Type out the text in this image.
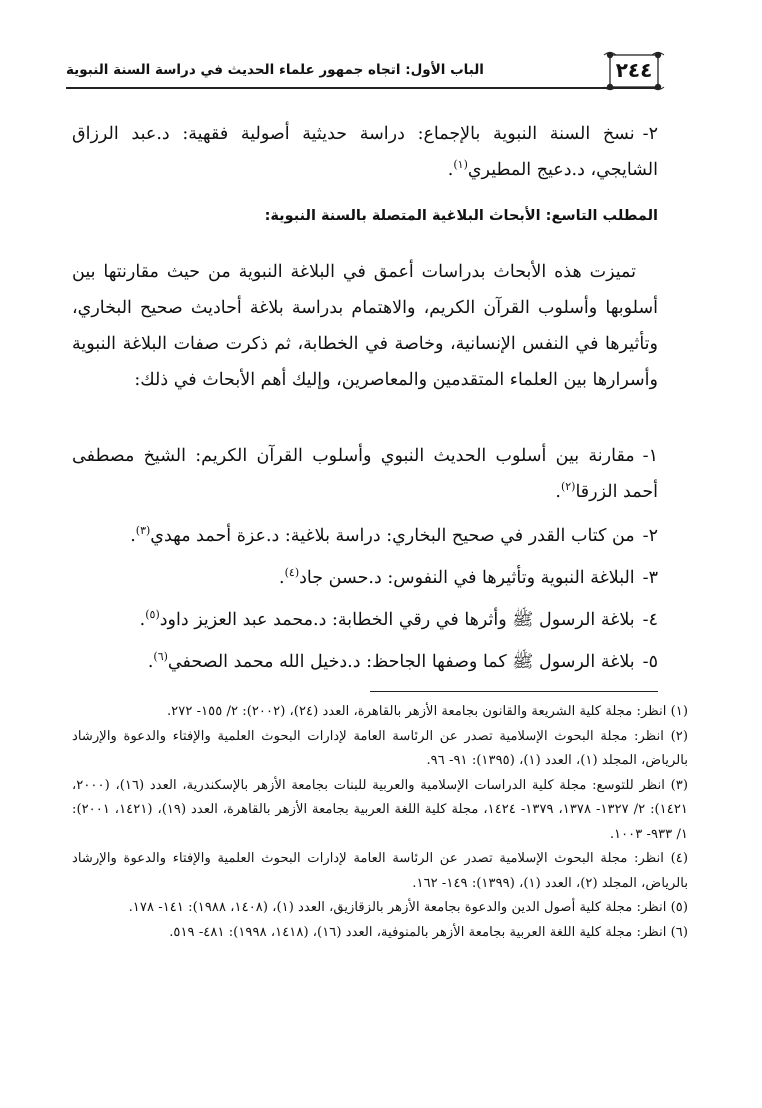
٢٤٤
الباب الأول: اتجاه جمهور علماء الحديث في دراسة السنة النبوية
٢-نسخ السنة النبوية بالإجماع: دراسة حديثية أصولية فقهية: د.عبد الرزاق الشايجي، د.دعيج المطيري$^{(١)}$.
المطلب التاسع: الأبحاث البلاغية المتصلة بالسنة النبوية:
تميزت هذه الأبحاث بدراسات أعمق في البلاغة النبوية من حيث مقارنتها بين أسلوبها وأسلوب القرآن الكريم، والاهتمام بدراسة بلاغة أحاديث صحيح البخاري، وتأثيرها في النفس الإنسانية، وخاصة في الخطابة، ثم ذكرت صفات البلاغة النبوية وأسرارها بين العلماء المتقدمين والمعاصرين، وإليك أهم الأبحاث في ذلك:
١-مقارنة بين أسلوب الحديث النبوي وأسلوب القرآن الكريم: الشيخ مصطفى أحمد الزرقا$^{(٢)}$.
٢-من كتاب القدر في صحيح البخاري: دراسة بلاغية: د.عزة أحمد مهدي$^{(٣)}$.
٣-البلاغة النبوية وتأثيرها في النفوس: د.حسن جاد$^{(٤)}$.
٤-بلاغة الرسول ﷺ وأثرها في رقي الخطابة: د.محمد عبد العزيز داود$^{(٥)}$.
٥-بلاغة الرسول ﷺ كما وصفها الجاحظ: د.دخيل الله محمد الصحفي$^{(٦)}$.

(١) انظر: مجلة كلية الشريعة والقانون بجامعة الأزهر بالقاهرة، العدد (٢٤)، (٢٠٠٢): ٢/ ١٥٥- ٢٧٢.

(٢) انظر: مجلة البحوث الإسلامية تصدر عن الرئاسة العامة لإدارات البحوث العلمية والإفتاء والدعوة والإرشاد بالرياض، المجلد (١)، العدد (١)، (١٣٩٥): ٩١- ٩٦.

(٣) انظر للتوسع: مجلة كلية الدراسات الإسلامية والعربية للبنات بجامعة الأزهر بالإسكندرية، العدد (١٦)، (٢٠٠٠، ١٤٢١): ٢/ ١٣٢٧- ١٣٧٨، ١٣٧٩- ١٤٢٤، مجلة كلية اللغة العربية بجامعة الأزهر بالقاهرة، العدد (١٩)، (١٤٢١، ٢٠٠١): ١/ ٩٣٣- ١٠٠٣.

(٤) انظر: مجلة البحوث الإسلامية تصدر عن الرئاسة العامة لإدارات البحوث العلمية والإفتاء والدعوة والإرشاد بالرياض، المجلد (٢)، العدد (١)، (١٣٩٩): ١٤٩- ١٦٢.

(٥) انظر: مجلة كلية أصول الدين والدعوة بجامعة الأزهر بالزقازيق، العدد (١)، (١٤٠٨، ١٩٨٨): ١٤١- ١٧٨.

(٦) انظر: مجلة كلية اللغة العربية بجامعة الأزهر بالمنوفية، العدد (١٦)، (١٤١٨، ١٩٩٨): ٤٨١- ٥١٩.
